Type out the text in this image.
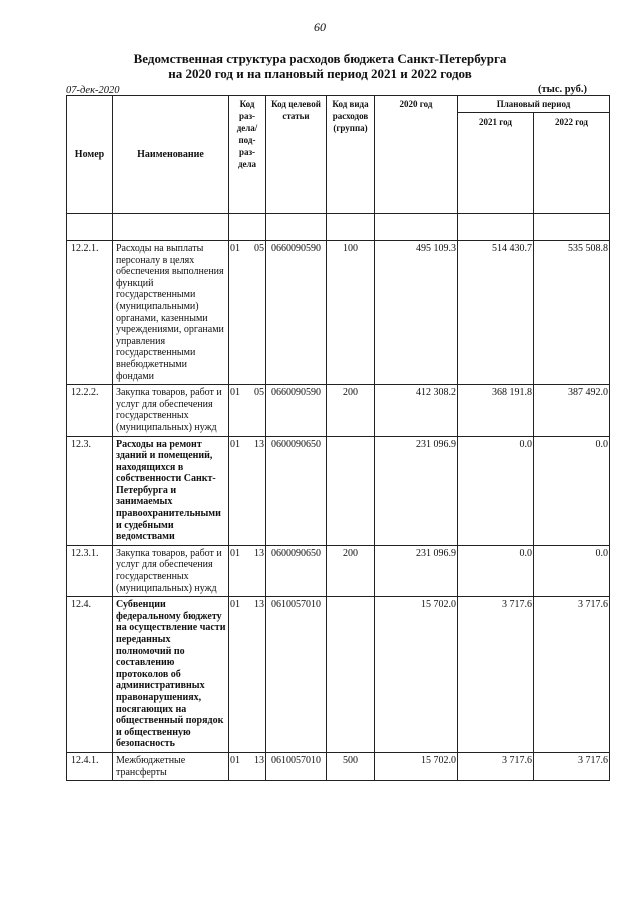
60
Ведомственная структура расходов бюджета Санкт-Петербурга
на 2020 год и на плановый период 2021 и 2022 годов
07-дек-2020	(тыс. руб.)
Номер	Наименование	Код раз-дела/ под-раз-дела	Код целевой статьи	Код вида расходов (группа)	2020 год	Плановый период	
						2021 год	2022 год

12.2.1.	Расходы на выплаты персоналу в целях обеспечения выполнения функций государственными (муниципальными) органами, казенными учреждениями, органами управления государственными внебюджетными фондами	01 05	0660090590	100	495 109.3	514 430.7	535 508.8
12.2.2.	Закупка товаров, работ и услуг для обеспечения государственных (муниципальных) нужд	01 05	0660090590	200	412 308.2	368 191.8	387 492.0
12.3.	Расходы на ремонт зданий и помещений, находящихся в собственности Санкт-Петербурга и занимаемых правоохранительными и судебными ведомствами	01 13	0600090650		231 096.9	0.0	0.0
12.3.1.	Закупка товаров, работ и услуг для обеспечения государственных (муниципальных) нужд	01 13	0600090650	200	231 096.9	0.0	0.0
12.4.	Субвенции федеральному бюджету на осуществление части переданных полномочий по составлению протоколов об административных правонарушениях, посягающих на общественный порядок и общественную безопасность	01 13	0610057010		15 702.0	3 717.6	3 717.6
12.4.1.	Межбюджетные трансферты	01 13	0610057010	500	15 702.0	3 717.6	3 717.6
